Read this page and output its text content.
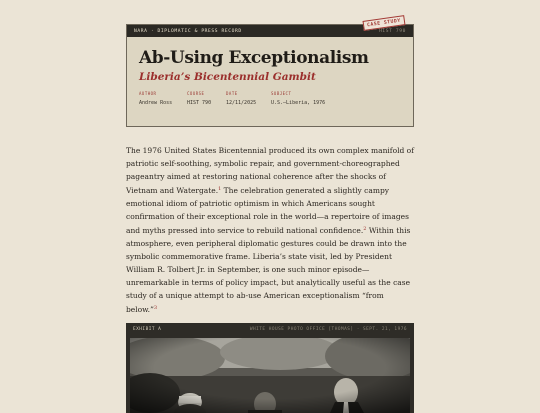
NARA · DIPLOMATIC & PRESS RECORD	HIST 790
CASE STUDY
Ab-Using Exceptionalism
Liberia’s Bicentennial Gambit
AUTHOR
Andrew Ross
COURSE
HIST 790
DATE
12/11/2025
SUBJECT
U.S.–Liberia, 1976

The 1976 United States Bicentennial produced its own complex manifold of patriotic self-soothing, symbolic repair, and government-choreographed pageantry aimed at restoring national coherence after the shocks of Vietnam and Watergate.$^1$ The celebration generated a slightly campy emotional idiom of patriotic optimism in which Americans sought confirmation of their exceptional role in the world—a repertoire of images and myths pressed into service to rebuild national confidence.$^2$ Within this atmosphere, even peripheral diplomatic gestures could be drawn into the symbolic commemorative frame. Liberia’s state visit, led by President William R. Tolbert Jr. in September, is one such minor episode—unremarkable in terms of policy impact, but analytically useful as the case study of a unique attempt to ab-use American exceptionalism “from below.”$^3$

EXHIBIT A	WHITE HOUSE PHOTO OFFICE [THOMAS] · SEPT. 21, 1976
